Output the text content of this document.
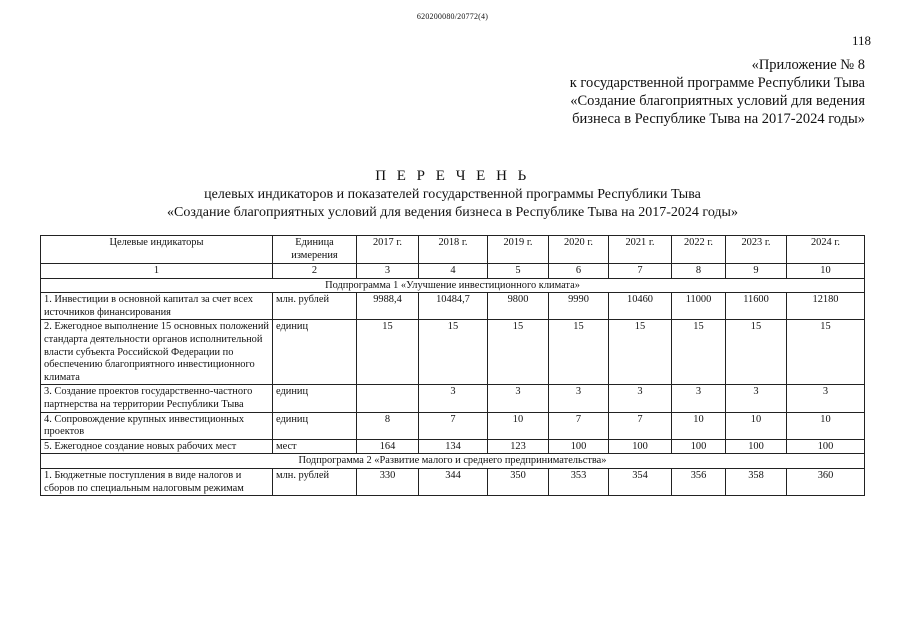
620200080/20772(4)
118
«Приложение № 8
к государственной программе Республики Тыва
«Создание благоприятных условий для ведения
бизнеса в Республике Тыва на 2017-2024 годы»
П Е Р Е Ч Е Н Ь
целевых индикаторов и показателей государственной программы Республики Тыва
«Создание благоприятных условий для ведения бизнеса в Республике Тыва на 2017-2024 годы»
Целевые индикаторы	Единица измерения	2017 г.	2018 г.	2019 г.	2020 г.	2021 г.	2022 г.	2023 г.	2024 г.
1	2	3	4	5	6	7	8	9	10
Подпрограмма 1 «Улучшение инвестиционного климата»									
1. Инвестиции в основной капитал за счет всех источников финансирования	млн. рублей	9988,4	10484,7	9800	9990	10460	11000	11600	12180
2. Ежегодное выполнение 15 основных положений стандарта деятельности органов исполнительной власти субъекта Российской Федерации по обеспечению благоприятного инвестиционного климата	единиц	15	15	15	15	15	15	15	15
3. Создание проектов государственно-частного партнерства на территории Республики Тыва	единиц		3	3	3	3	3	3	3
4. Сопровождение крупных инвестиционных проектов	единиц	8	7	10	7	7	10	10	10
5. Ежегодное создание новых рабочих мест	мест	164	134	123	100	100	100	100	100
Подпрограмма 2 «Развитие малого и среднего предпринимательства»									
1. Бюджетные поступления в виде налогов и сборов по специальным налоговым режимам	млн. рублей	330	344	350	353	354	356	358	360
